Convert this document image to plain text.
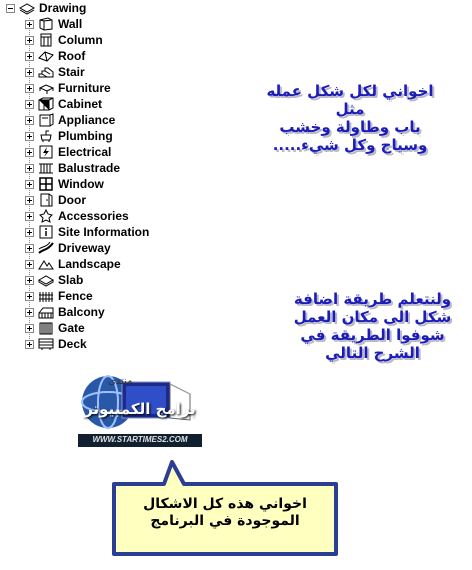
Drawing
Wall
Column
Roof
Stair
Furniture
Cabinet
Appliance
Plumbing
Electrical
Balustrade
Window
Door
Accessories
Site Information
Driveway
Landscape
Slab
Fence
Balcony
Gate
Deck
اخواني لكل شكل عمله
مثل
باب وطاولة وخشب
وسياج وكل شيء.....
ولنتعلم طريقة اضافة
شكل الى مكان العمل
شوفوا الطريقة في
الشرح التالي
منتدى
برامج الكمبيوتر
WWW.STARTIMES2.COM
اخواني هذه كل الاشكال
الموجودة في البرنامج
